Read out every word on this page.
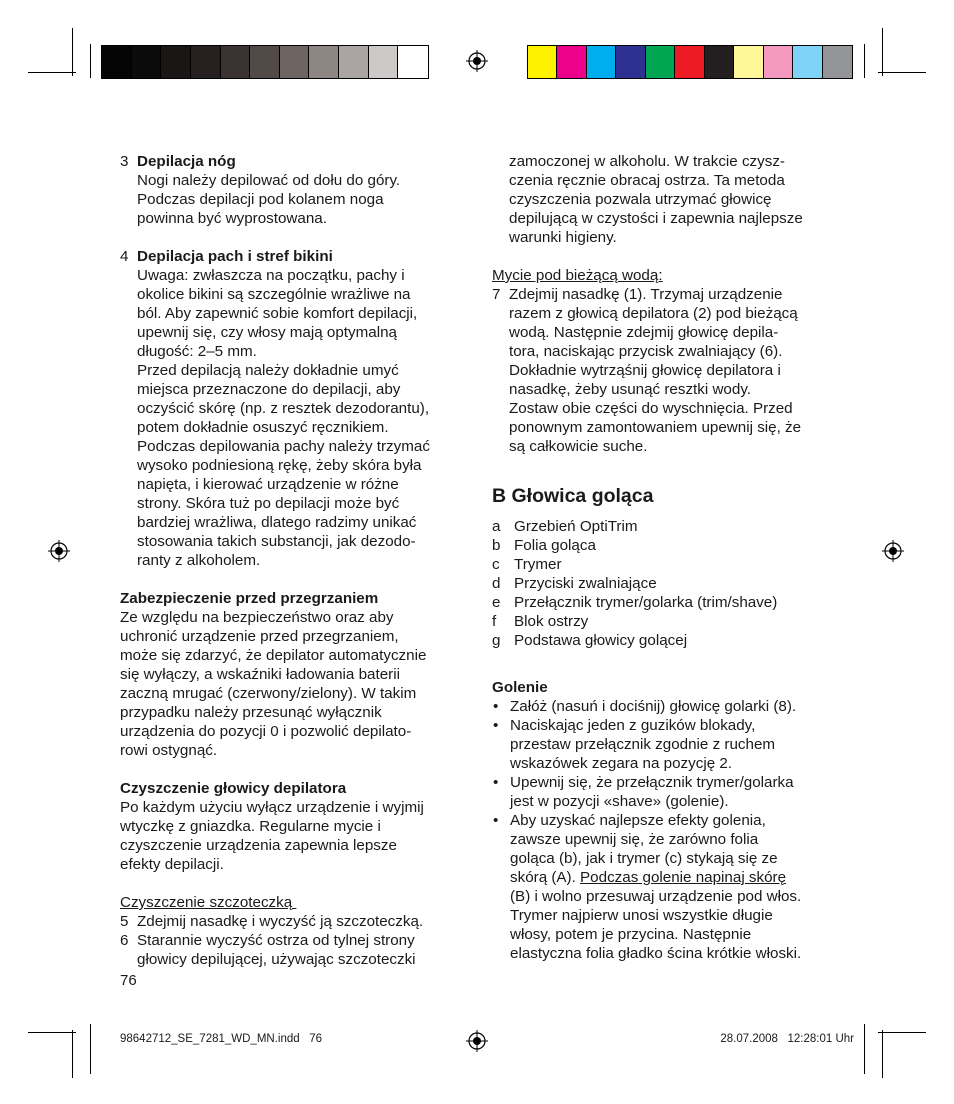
3 Depilacja nóg

Nogi należy depilować od dołu do góry.

Podczas depilacji pod kolanem noga

powinna być wyprostowana.

4 Depilacja pach i stref bikini

Uwaga: zwłaszcza na początku, pachy i

okolice bikini są szczególnie wrażliwe na

ból. Aby zapewnić sobie komfort depilacji,

upewnij się, czy włosy mają optymalną

długość: 2–5 mm.

Przed depilacją należy dokładnie umyć

miejsca przeznaczone do depilacji, aby

oczyścić skórę (np. z resztek dezodorantu),

potem dokładnie osuszyć ręcznikiem.

Podczas depilowania pachy należy trzymać

wysoko podniesioną rękę, żeby skóra była

napięta, i kierować urządzenie w różne

strony. Skóra tuż po depilacji może być

bardziej wrażliwa, dlatego radzimy unikać

stosowania takich substancji, jak dezodo-

ranty z alkoholem.

Zabezpieczenie przed przegrzaniem

Ze względu na bezpieczeństwo oraz aby

uchronić urządzenie przed przegrzaniem,

może się zdarzyć, że depilator automatycznie

się wyłączy, a wskaźniki ładowania baterii

zaczną mrugać (czerwony/zielony). W takim

przypadku należy przesunąć wyłącznik

urządzenia do pozycji 0 i pozwolić depilato-

rowi ostygnąć.

Czyszczenie głowicy depilatora

Po każdym użyciu wyłącz urządzenie i wyjmij

wtyczkę z gniazdka. Regularne mycie i

czyszczenie urządzenia zapewnia lepsze

efekty depilacji.

Czyszczenie szczoteczką

5 Zdejmij nasadkę i wyczyść ją szczoteczką.

6 Starannie wyczyść ostrza od tylnej strony

głowicy depilującej, używając szczoteczki

76

zamoczonej w alkoholu. W trakcie czysz-

czenia ręcznie obracaj ostrza. Ta metoda

czyszczenia pozwala utrzymać głowicę

depilującą w czystości i zapewnia najlepsze

warunki higieny.

Mycie pod bieżącą wodą:

7 Zdejmij nasadkę (1). Trzymaj urządzenie

razem z głowicą depilatora (2) pod bieżącą

wodą. Następnie zdejmij głowicę depila-

tora, naciskając przycisk zwalniający (6).

Dokładnie wytrząśnij głowicę depilatora i

nasadkę, żeby usunąć resztki wody.

Zostaw obie części do wyschnięcia. Przed

ponownym zamontowaniem upewnij się, że

są całkowicie suche.

B Głowica goląca

a Grzebień OptiTrim

b Folia goląca

c Trymer

d Przyciski zwalniające

e Przełącznik trymer/golarka (trim/shave)

f Blok ostrzy

g Podstawa głowicy golącej

Golenie

• Załóż (nasuń i dociśnij) głowicę golarki (8).

• Naciskając jeden z guzików blokady,

przestaw przełącznik zgodnie z ruchem

wskazówek zegara na pozycję 2.

• Upewnij się, że przełącznik trymer/golarka

jest w pozycji «shave» (golenie).

• Aby uzyskać najlepsze efekty golenia,

zawsze upewnij się, że zarówno folia

goląca (b), jak i trymer (c) stykają się ze

skórą (A). Podczas golenie napinaj skórę

(B) i wolno przesuwaj urządzenie pod włos.

Trymer najpierw unosi wszystkie długie

włosy, potem je przycina. Następnie

elastyczna folia gładko ścina krótkie włoski.

98642712_SE_7281_WD_MN.indd   76	28.07.2008   12:28:01 Uhr
